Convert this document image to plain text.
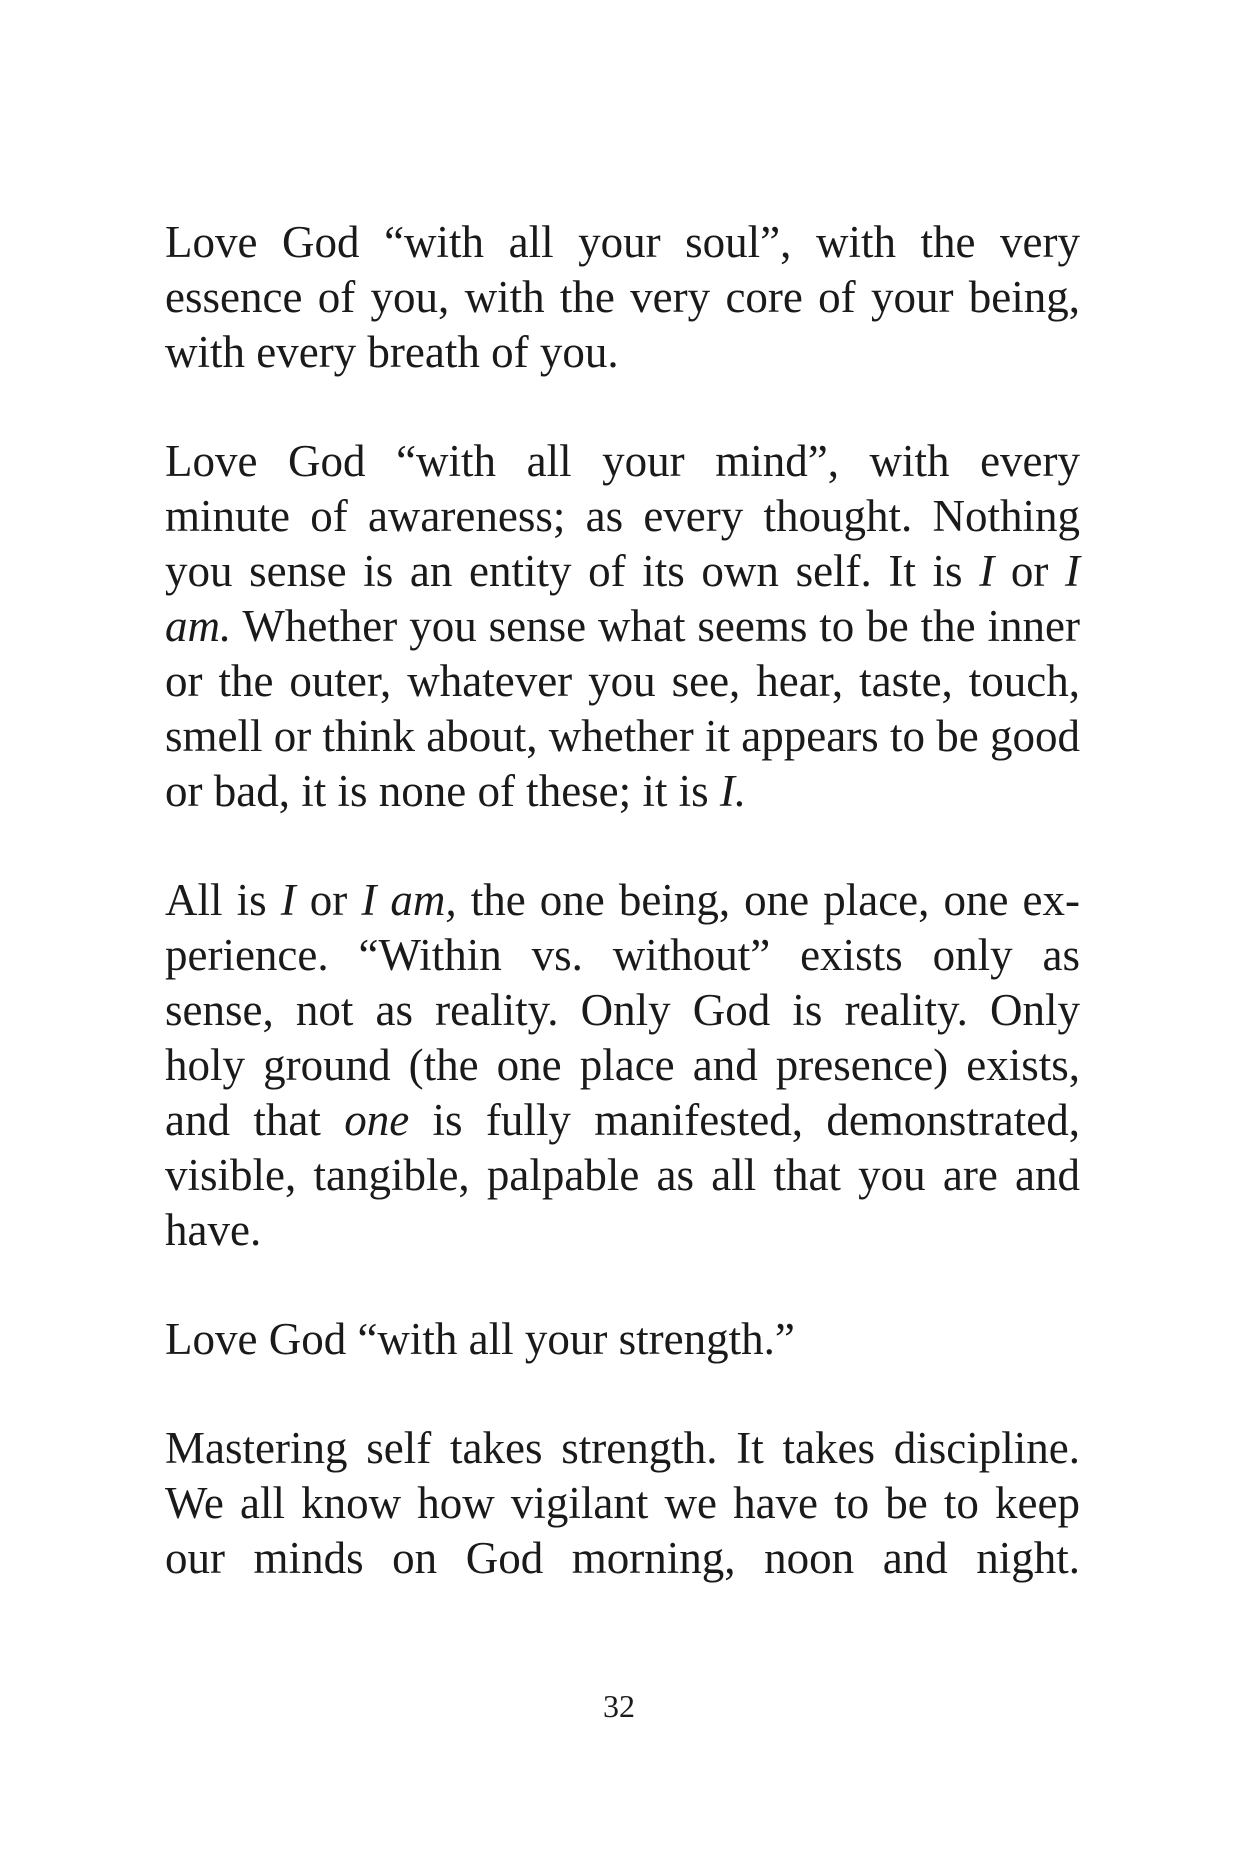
Love God “with all your soul”, with the very essence of you, with the very core of your being, with every breath of you.

Love God “with all your mind”, with every minute of awareness; as every thought. Nothing you sense is an entity of its own self. It is I or I am. Whether you sense what seems to be the inner or the outer, whatever you see, hear, taste, touch, smell or think about, whether it appears to be good or bad, it is none of these; it is I.

All is I or I am, the one being, one place, one experience. “Within vs. without” exists only as sense, not as reality. Only God is reality. Only holy ground (the one place and presence) exists, and that one is fully manifested, demonstrated, visible, tangible, palpable as all that you are and have.

Love God “with all your strength.”

Mastering self takes strength. It takes discipline. We all know how vigilant we have to be to keep our minds on God morning, noon and night.

32
